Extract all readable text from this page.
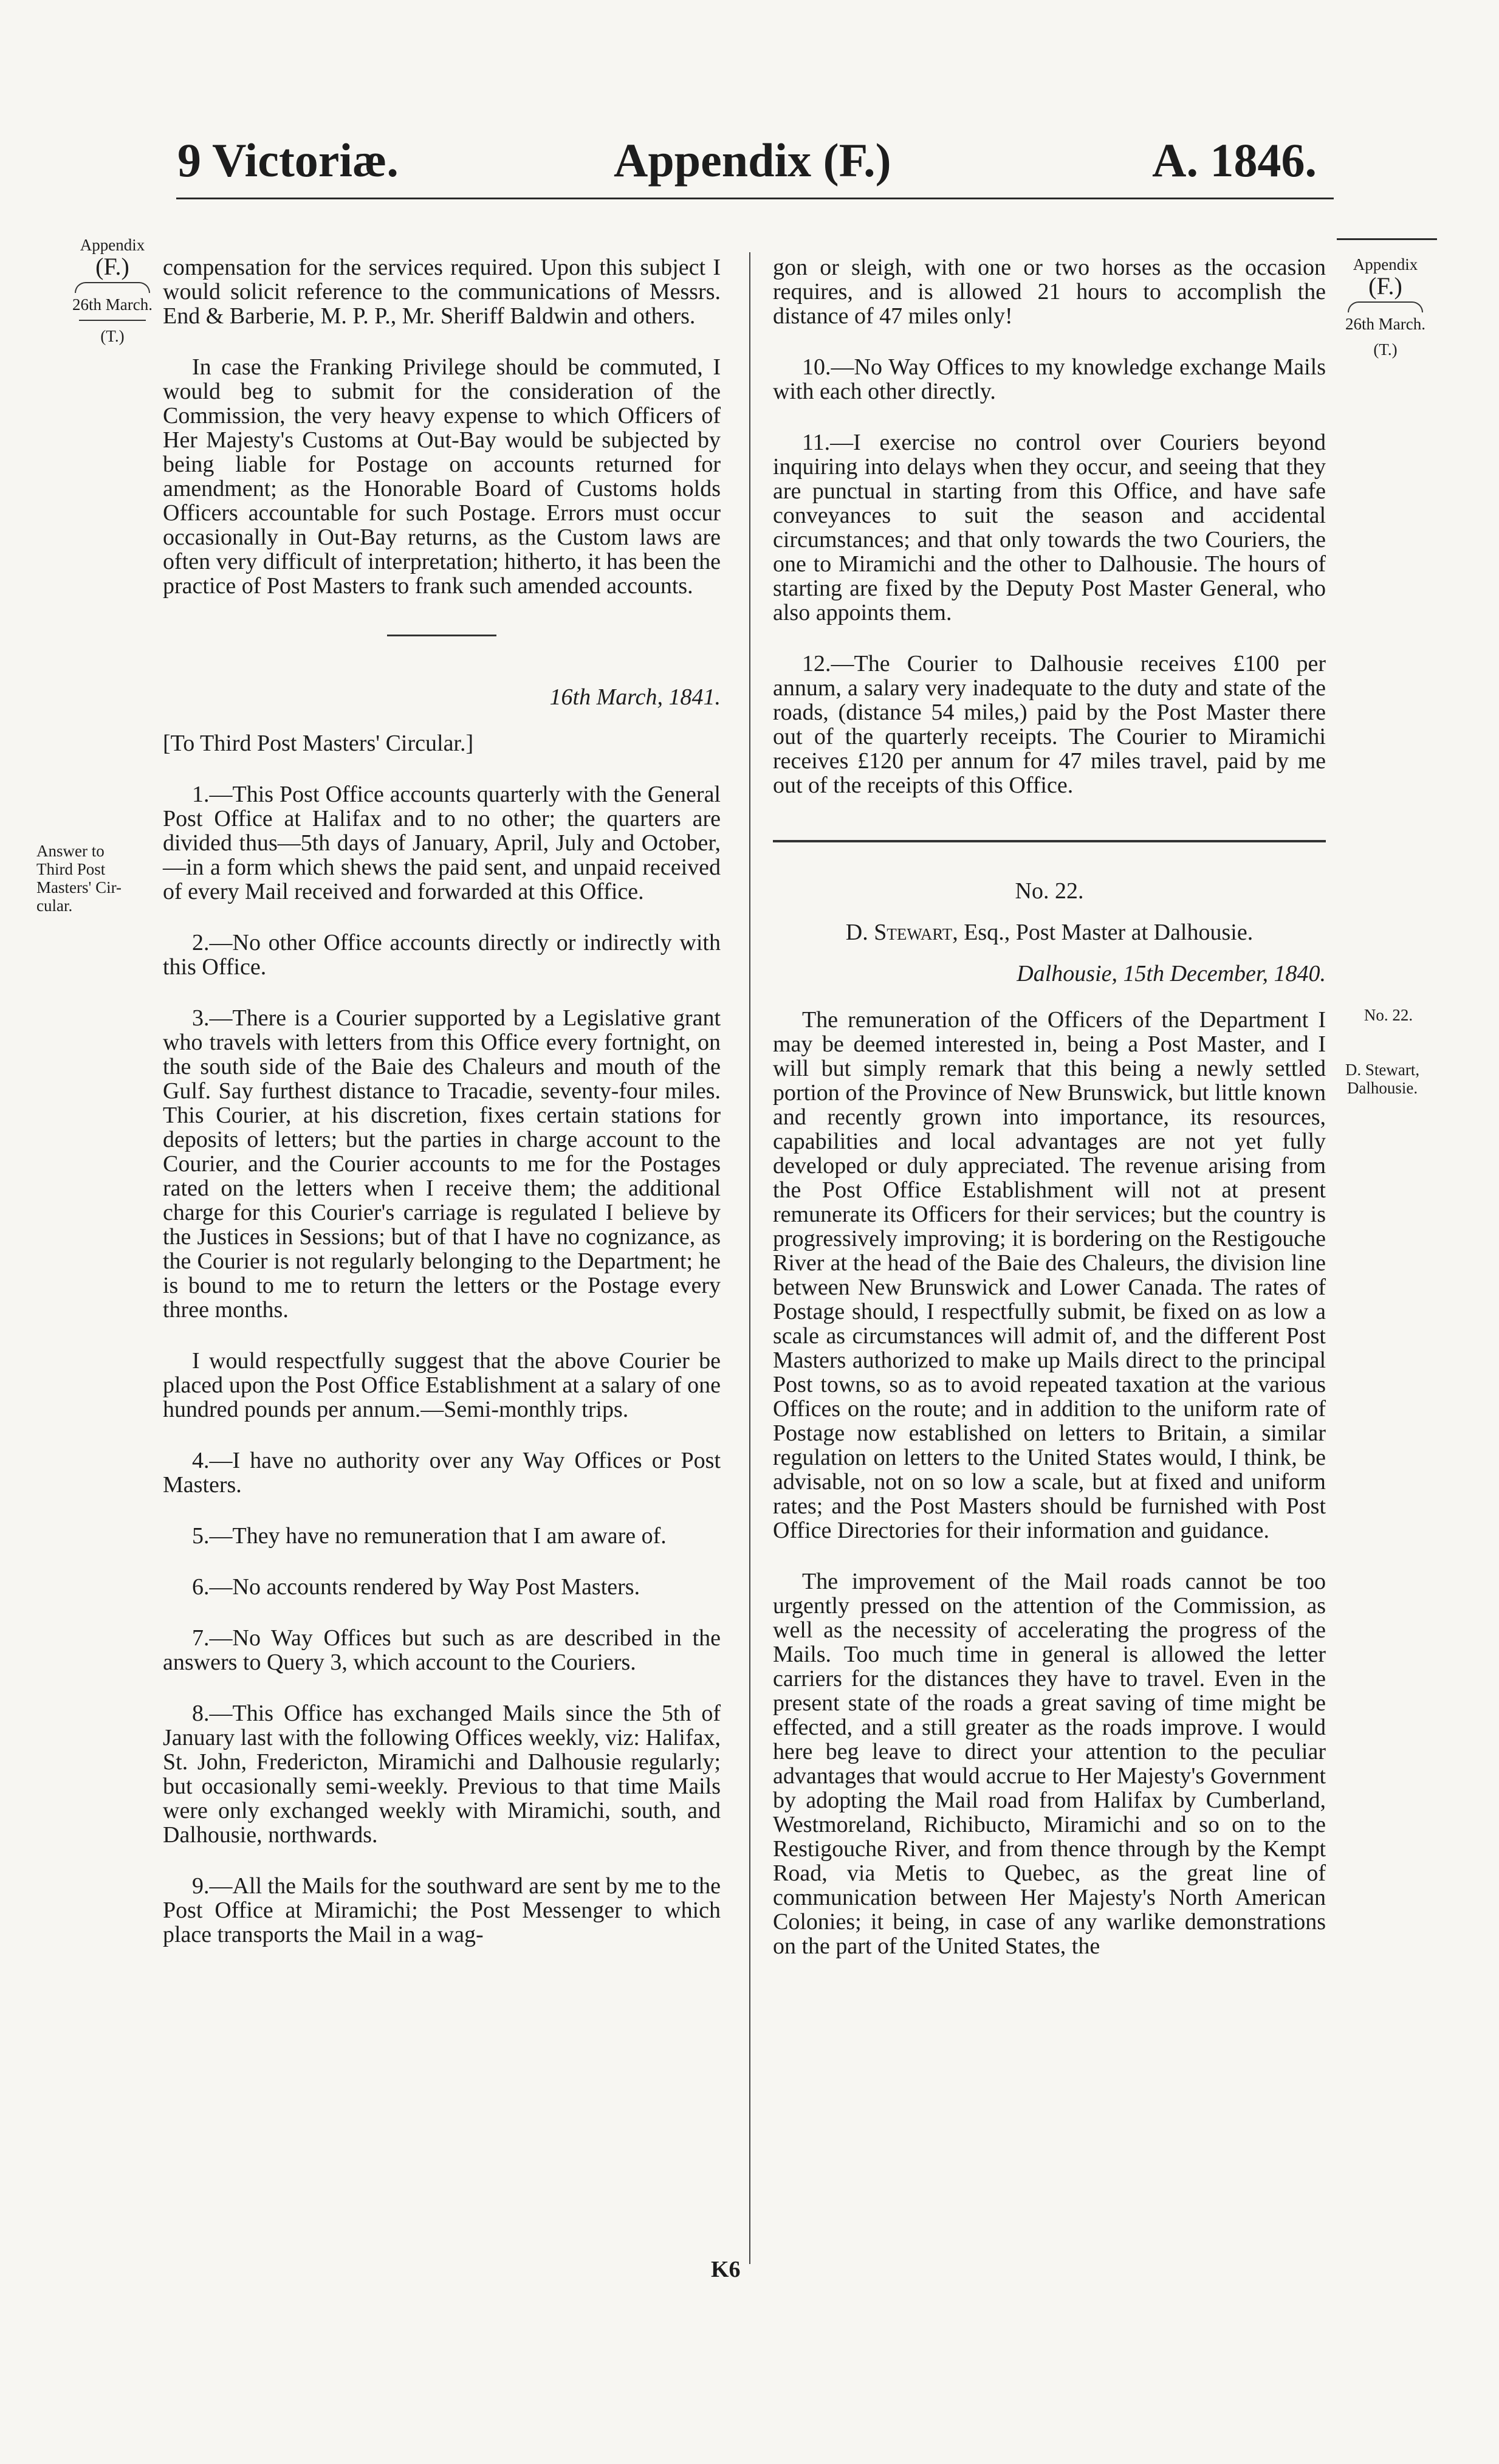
9 Victoriæ.	Appendix (F.)	A. 1846.
Appendix
(F.)
26th March.
(T.)
Answer to
Third Post
Masters' Cir-
cular.
Appendix
(F.)
26th March.
(T.)
No. 22.
D. Stewart,
Dalhousie.

compensation for the services required. Upon this subject I would solicit reference to the communications of Messrs. End & Barberie, M. P. P., Mr. Sheriff Baldwin and others.

In case the Franking Privilege should be commuted, I would beg to submit for the consideration of the Commission, the very heavy expense to which Officers of Her Majesty's Customs at Out-Bay would be subjected by being liable for Postage on accounts returned for amendment; as the Honorable Board of Customs holds Officers accountable for such Postage. Errors must occur occasionally in Out-Bay returns, as the Custom laws are often very difficult of interpretation; hitherto, it has been the practice of Post Masters to frank such amended accounts.

16th March, 1841.

[To Third Post Masters' Circular.]

1.—This Post Office accounts quarterly with the General Post Office at Halifax and to no other; the quarters are divided thus—5th days of January, April, July and October,—in a form which shews the paid sent, and unpaid received of every Mail received and forwarded at this Office.

2.—No other Office accounts directly or indirectly with this Office.

3.—There is a Courier supported by a Legislative grant who travels with letters from this Office every fortnight, on the south side of the Baie des Chaleurs and mouth of the Gulf. Say furthest distance to Tracadie, seventy-four miles. This Courier, at his discretion, fixes certain stations for deposits of letters; but the parties in charge account to the Courier, and the Courier accounts to me for the Postages rated on the letters when I receive them; the additional charge for this Courier's carriage is regulated I believe by the Justices in Sessions; but of that I have no cognizance, as the Courier is not regularly belonging to the Department; he is bound to me to return the letters or the Postage every three months.

I would respectfully suggest that the above Courier be placed upon the Post Office Establishment at a salary of one hundred pounds per annum.—Semi-monthly trips.

4.—I have no authority over any Way Offices or Post Masters.

5.—They have no remuneration that I am aware of.

6.—No accounts rendered by Way Post Masters.

7.—No Way Offices but such as are described in the answers to Query 3, which account to the Couriers.

8.—This Office has exchanged Mails since the 5th of January last with the following Offices weekly, viz: Halifax, St. John, Fredericton, Miramichi and Dalhousie regularly; but occasionally semi-weekly. Previous to that time Mails were only exchanged weekly with Miramichi, south, and Dalhousie, northwards.

9.—All the Mails for the southward are sent by me to the Post Office at Miramichi; the Post Messenger to which place transports the Mail in a wag-

gon or sleigh, with one or two horses as the occasion requires, and is allowed 21 hours to accomplish the distance of 47 miles only!

10.—No Way Offices to my knowledge exchange Mails with each other directly.

11.—I exercise no control over Couriers beyond inquiring into delays when they occur, and seeing that they are punctual in starting from this Office, and have safe conveyances to suit the season and accidental circumstances; and that only towards the two Couriers, the one to Miramichi and the other to Dalhousie. The hours of starting are fixed by the Deputy Post Master General, who also appoints them.

12.—The Courier to Dalhousie receives £100 per annum, a salary very inadequate to the duty and state of the roads, (distance 54 miles,) paid by the Post Master there out of the quarterly receipts. The Courier to Miramichi receives £120 per annum for 47 miles travel, paid by me out of the receipts of this Office.

No. 22.
D. Stewart, Esq., Post Master at Dalhousie.
Dalhousie, 15th December, 1840.

The remuneration of the Officers of the Department I may be deemed interested in, being a Post Master, and I will but simply remark that this being a newly settled portion of the Province of New Brunswick, but little known and recently grown into importance, its resources, capabilities and local advantages are not yet fully developed or duly appreciated. The revenue arising from the Post Office Establishment will not at present remunerate its Officers for their services; but the country is progressively improving; it is bordering on the Restigouche River at the head of the Baie des Chaleurs, the division line between New Brunswick and Lower Canada. The rates of Postage should, I respectfully submit, be fixed on as low a scale as circumstances will admit of, and the different Post Masters authorized to make up Mails direct to the principal Post towns, so as to avoid repeated taxation at the various Offices on the route; and in addition to the uniform rate of Postage now established on letters to Britain, a similar regulation on letters to the United States would, I think, be advisable, not on so low a scale, but at fixed and uniform rates; and the Post Masters should be furnished with Post Office Directories for their information and guidance.

The improvement of the Mail roads cannot be too urgently pressed on the attention of the Commission, as well as the necessity of accelerating the progress of the Mails. Too much time in general is allowed the letter carriers for the distances they have to travel. Even in the present state of the roads a great saving of time might be effected, and a still greater as the roads improve. I would here beg leave to direct your attention to the peculiar advantages that would accrue to Her Majesty's Government by adopting the Mail road from Halifax by Cumberland, Westmoreland, Richibucto, Miramichi and so on to the Restigouche River, and from thence through by the Kempt Road, via Metis to Quebec, as the great line of communication between Her Majesty's North American Colonies; it being, in case of any warlike demonstrations on the part of the United States, the

K6
